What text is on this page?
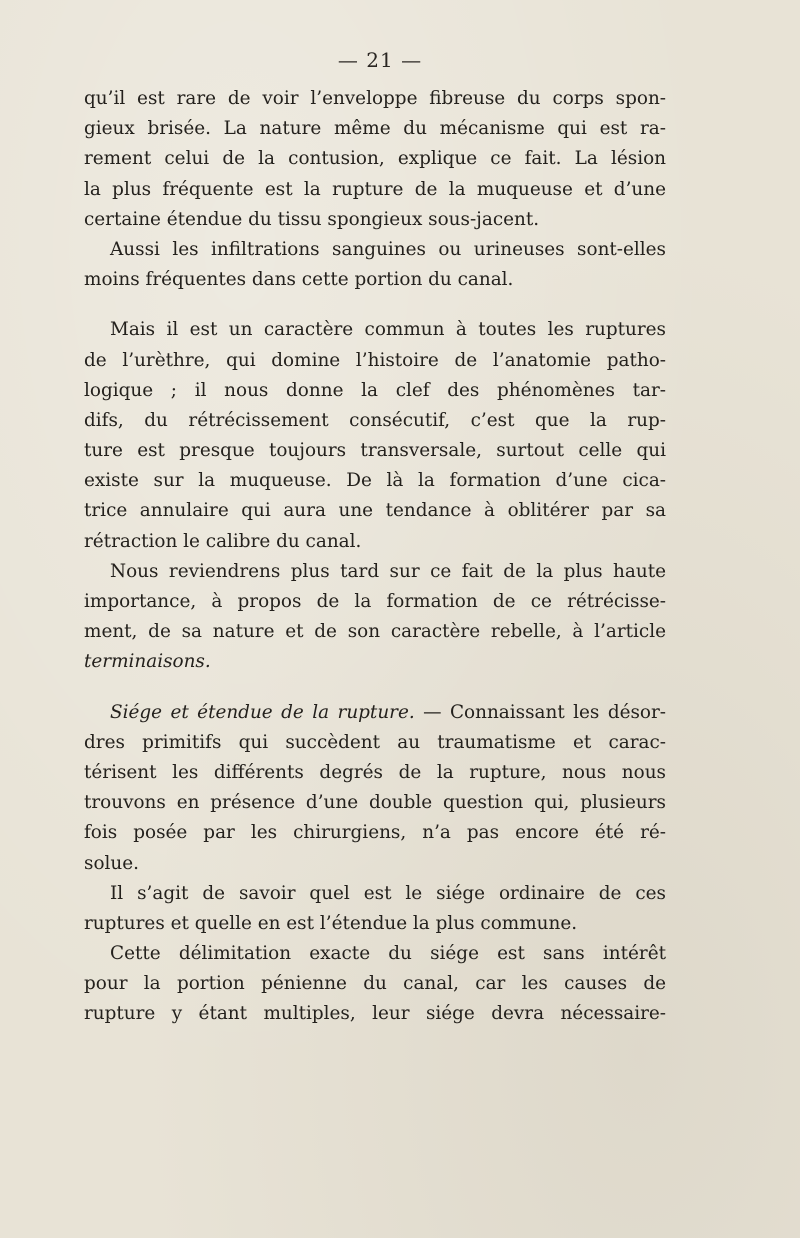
— 21 —
qu’il est rare de voir l’enveloppe fibreuse du corps spon-
gieux brisée. La nature même du mécanisme qui est ra-
rement celui de la contusion, explique ce fait. La lésion
la plus fréquente est la rupture de la muqueuse et d’une
certaine étendue du tissu spongieux sous-jacent.
Aussi les infiltrations sanguines ou urineuses sont-elles
moins fréquentes dans cette portion du canal.
Mais il est un caractère commun à toutes les ruptures
de l’urèthre, qui domine l’histoire de l’anatomie patho-
logique ; il nous donne la clef des phénomènes tar-
difs, du rétrécissement consécutif, c’est que la rup-
ture est presque toujours transversale, surtout celle qui
existe sur la muqueuse. De là la formation d’une cica-
trice annulaire qui aura une tendance à oblitérer par sa
rétraction le calibre du canal.
Nous reviendrens plus tard sur ce fait de la plus haute
importance, à propos de la formation de ce rétrécisse-
ment, de sa nature et de son caractère rebelle, à l’article
terminaisons.
Siége et étendue de la rupture. — Connaissant les désor-
dres primitifs qui succèdent au traumatisme et carac-
térisent les différents degrés de la rupture, nous nous
trouvons en présence d’une double question qui, plusieurs
fois posée par les chirurgiens, n’a pas encore été ré-
solue.
Il s’agit de savoir quel est le siége ordinaire de ces
ruptures et quelle en est l’étendue la plus commune.
Cette délimitation exacte du siége est sans intérêt
pour la portion pénienne du canal, car les causes de
rupture y étant multiples, leur siége devra nécessaire-
